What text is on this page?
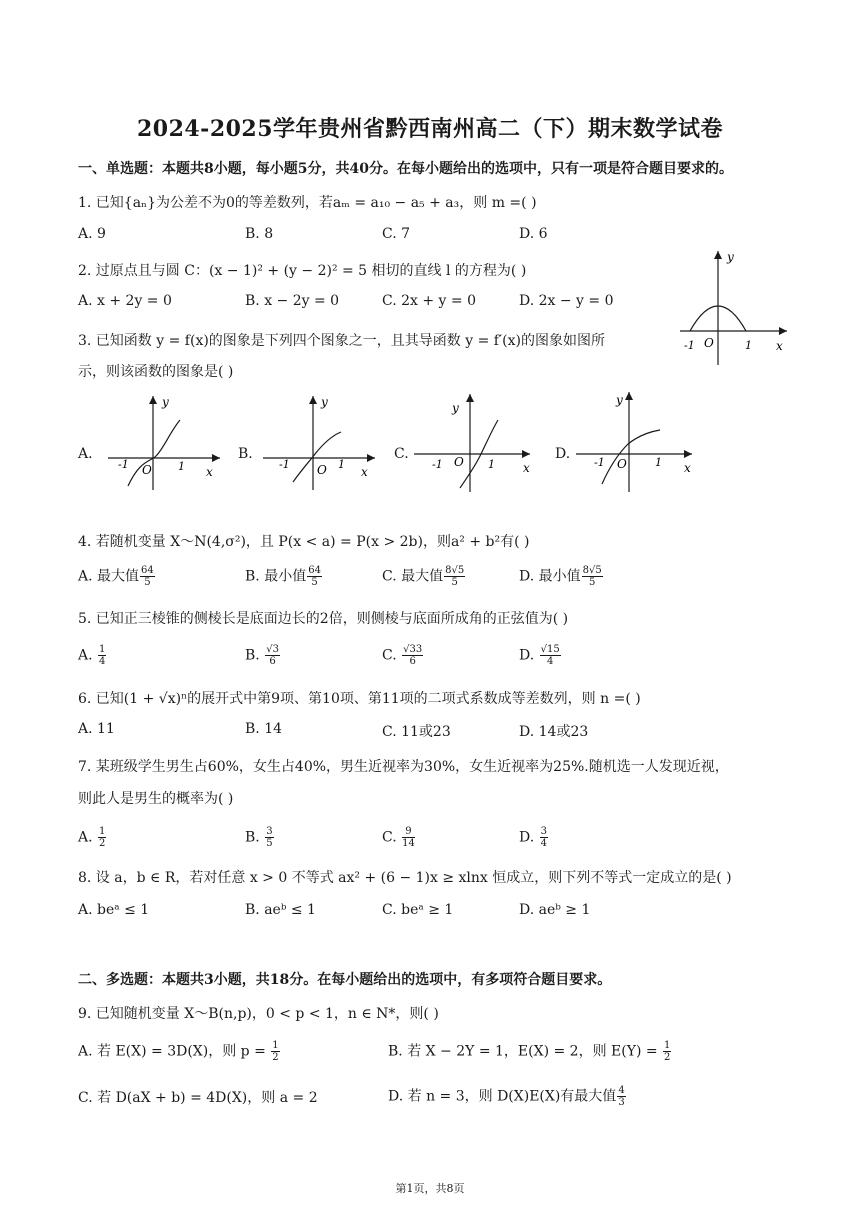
2024-2025学年贵州省黔西南州高二（下）期末数学试卷
一、单选题：本题共8小题，每小题5分，共40分。在每小题给出的选项中，只有一项是符合题目要求的。
1. 已知{aₙ}为公差不为0的等差数列，若aₘ = a₁₀ − a₅ + a₃，则 m =( )
A. 9	B. 8	C. 7	D. 6
2. 过原点且与圆 C：(x − 1)² + (y − 2)² = 5 相切的直线 l 的方程为( )
A. x + 2y = 0	B. x − 2y = 0	C. 2x + y = 0	D. 2x − y = 0
y
x
O
-1	1
3. 已知函数 y = f(x)的图象是下列四个图象之一，且其导函数 y = f′(x)的图象如图所
示，则该函数的图象是( )
A.
y
x
O
-1	1
B.
y
x
O
-1	1
C.
y
x
O
-1	1
D.
y
x
O
-1	1
4. 若随机变量 X～N(4,σ²)，且 P(x < a) = P(x > 2b)，则a² + b²有( )
A. 最大值 $\frac{64}{5}$	B. 最小值 $\frac{64}{5}$	C. 最大值 $\frac{8√5}{5}$	D. 最小值 $\frac{8√5}{5}$
5. 已知正三棱锥的侧棱长是底面边长的2倍，则侧棱与底面所成角的正弦值为( )
A. $\frac{1}{4}$	B. $\frac{√3}{6}$	C. $\frac{√33}{6}$	D. $\frac{√15}{4}$
6. 已知(1 + √x)ⁿ的展开式中第9项、第10项、第11项的二项式系数成等差数列，则 n =( )
A. 11	B. 14	C. 11或23	D. 14或23
7. 某班级学生男生占60%，女生占40%，男生近视率为30%，女生近视率为25%.随机选一人发现近视，
则此人是男生的概率为( )
A. $\frac{1}{2}$	B. $\frac{3}{5}$	C. $\frac{9}{14}$	D. $\frac{3}{4}$
8. 设 a，b ∈ R，若对任意 x > 0 不等式 ax² + (6 − 1)x ≥ xlnx 恒成立，则下列不等式一定成立的是( )
A. beᵃ ≤ 1	B. aeᵇ ≤ 1	C. beᵃ ≥ 1	D. aeᵇ ≥ 1
二、多选题：本题共3小题，共18分。在每小题给出的选项中，有多项符合题目要求。
9. 已知随机变量 X～B(n,p)，0 < p < 1，n ∈ N*，则( )
A. 若 E(X) = 3D(X)，则 $p = \frac{1}{2}$	B. 若 X − 2Y = 1，E(X) = 2，则 $E(Y) = \frac{1}{2}$
C. 若 D(aX + b) = 4D(X)，则 a = 2	D. 若 n = 3，则 D(X)E(X)有最大值 $\frac{4}{3}$
第1页，共8页
